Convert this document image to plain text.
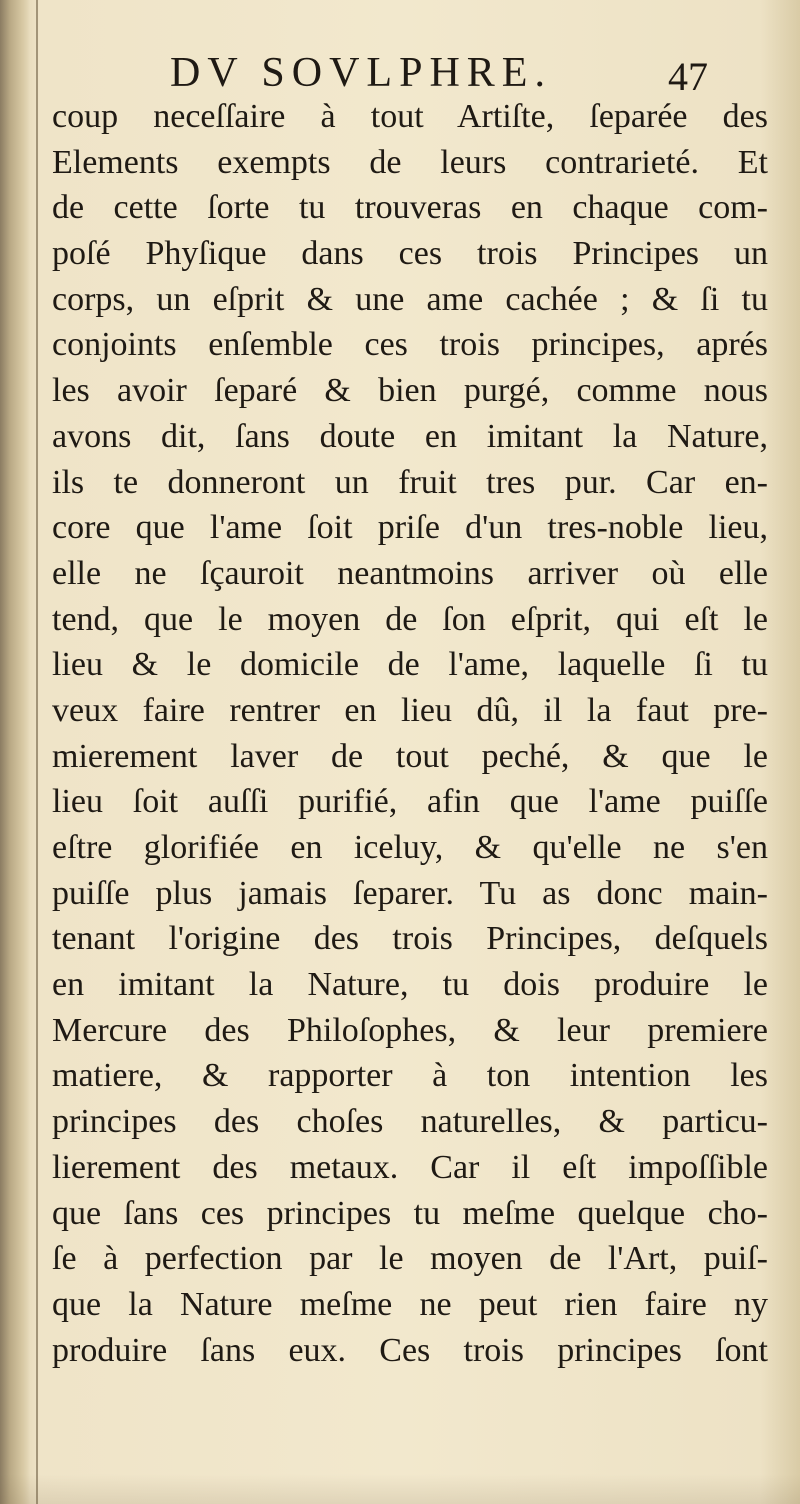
DV SOVLPHRE.	47
coup neceſſaire à tout Artiſte, ſeparée des
Elements exempts de leurs contrarieté. Et
de cette ſorte tu trouveras en chaque com-
poſé Phyſique dans ces trois Principes un
corps, un eſprit & une ame cachée ; & ſi tu
conjoints enſemble ces trois principes, aprés
les avoir ſeparé & bien purgé, comme nous
avons dit, ſans doute en imitant la Nature,
ils te donneront un fruit tres pur. Car en-
core que l'ame ſoit priſe d'un tres-noble lieu,
elle ne ſçauroit neantmoins arriver où elle
tend, que le moyen de ſon eſprit, qui eſt le
lieu & le domicile de l'ame, laquelle ſi tu
veux faire rentrer en lieu dû, il la faut pre-
mierement laver de tout peché, & que le
lieu ſoit auſſi purifié, afin que l'ame puiſſe
eſtre glorifiée en iceluy, & qu'elle ne s'en
puiſſe plus jamais ſeparer. Tu as donc main-
tenant l'origine des trois Principes, deſquels
en imitant la Nature, tu dois produire le
Mercure des Philoſophes, & leur premiere
matiere, & rapporter à ton intention les
principes des choſes naturelles, & particu-
lierement des metaux. Car il eſt impoſſible
que ſans ces principes tu meſme quelque cho-
ſe à perfection par le moyen de l'Art, puiſ-
que la Nature meſme ne peut rien faire ny
produire ſans eux. Ces trois principes ſont
